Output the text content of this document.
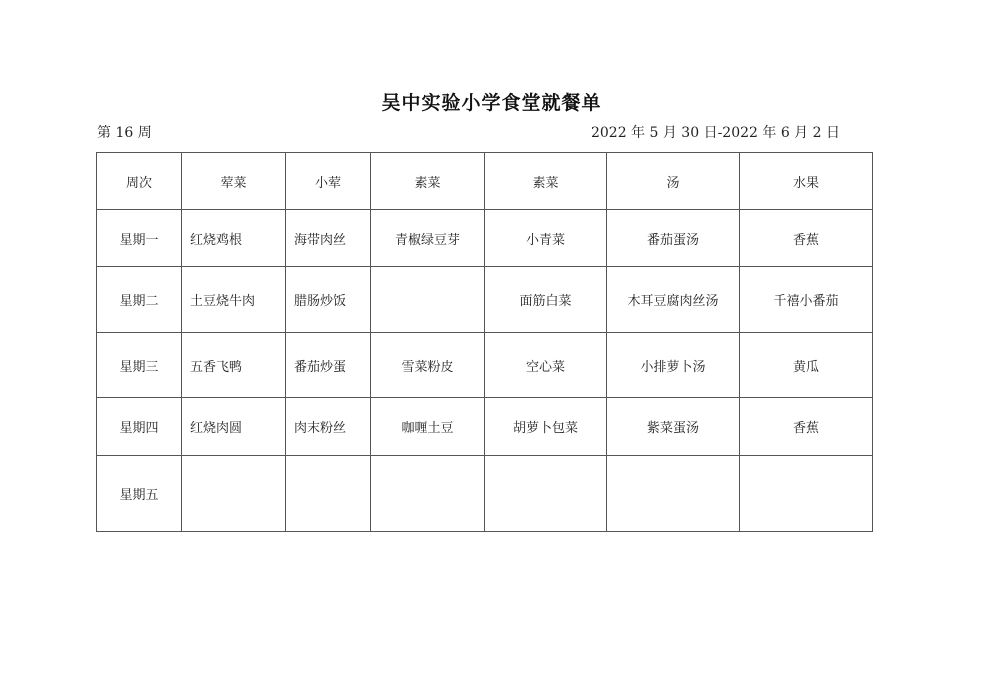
吴中实验小学食堂就餐单
第 16 周	2022 年 5 月 30 日-2022 年 6 月 2 日
周次	荤菜	小荤	素菜	素菜	汤	水果
星期一	红烧鸡根	海带肉丝	青椒绿豆芽	小青菜	番茄蛋汤	香蕉
星期二	土豆烧牛肉	腊肠炒饭		面筋白菜	木耳豆腐肉丝汤	千禧小番茄
星期三	五香飞鸭	番茄炒蛋	雪菜粉皮	空心菜	小排萝卜汤	黄瓜
星期四	红烧肉圆	肉末粉丝	咖喱土豆	胡萝卜包菜	紫菜蛋汤	香蕉
星期五						
